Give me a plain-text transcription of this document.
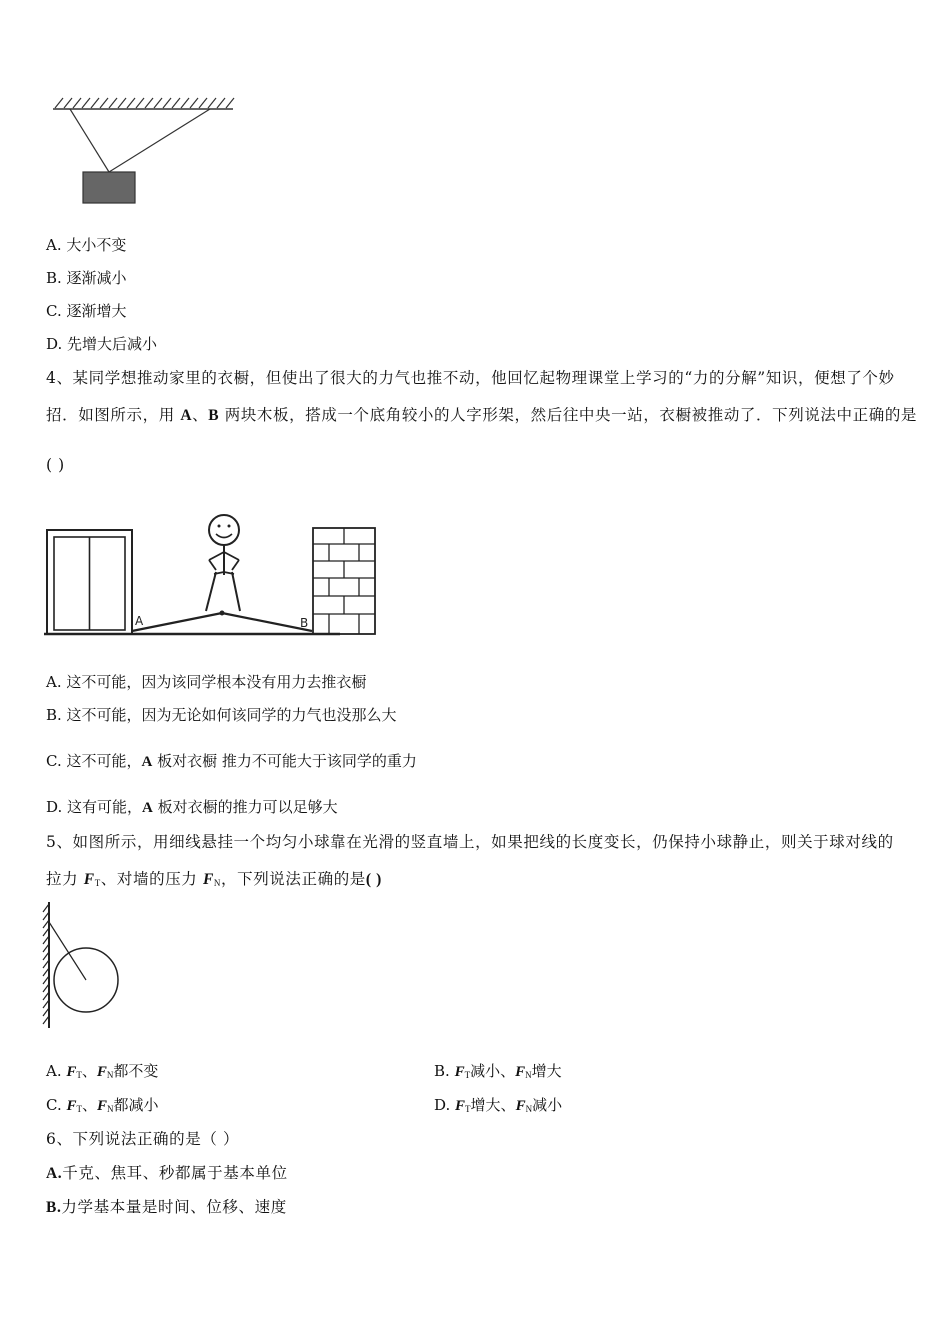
A. 大小不变
B. 逐渐减小
C. 逐渐增大
D. 先增大后减小
4、某同学想推动家里的衣橱，但使出了很大的力气也推不动，他回忆起物理课堂上学习的“力的分解”知识，便想了个妙
招．如图所示，用 A、B 两块木板，搭成一个底角较小的人字形架，然后往中央一站，衣橱被推动了．下列说法中正确的是
( )
A	B
A. 这不可能，因为该同学根本没有用力去推衣橱
B. 这不可能，因为无论如何该同学的力气也没那么大
C. 这不可能，A 板对衣橱 推力不可能大于该同学的重力
D. 这有可能，A 板对衣橱的推力可以足够大
5、如图所示，用细线悬挂一个均匀小球靠在光滑的竖直墙上，如果把线的长度变长，仍保持小球静止，则关于球对线的
拉力 $F_T$、对墙的压力 $F_N$，下列说法正确的是( )
A. $F_T$、$F_N$都不变	B. $F_T$减小、$F_N$增大
C. $F_T$、$F_N$都减小	D. $F_T$增大、$F_N$减小
6、下列说法正确的是（ ）
A.千克、焦耳、秒都属于基本单位
B.力学基本量是时间、位移、速度
